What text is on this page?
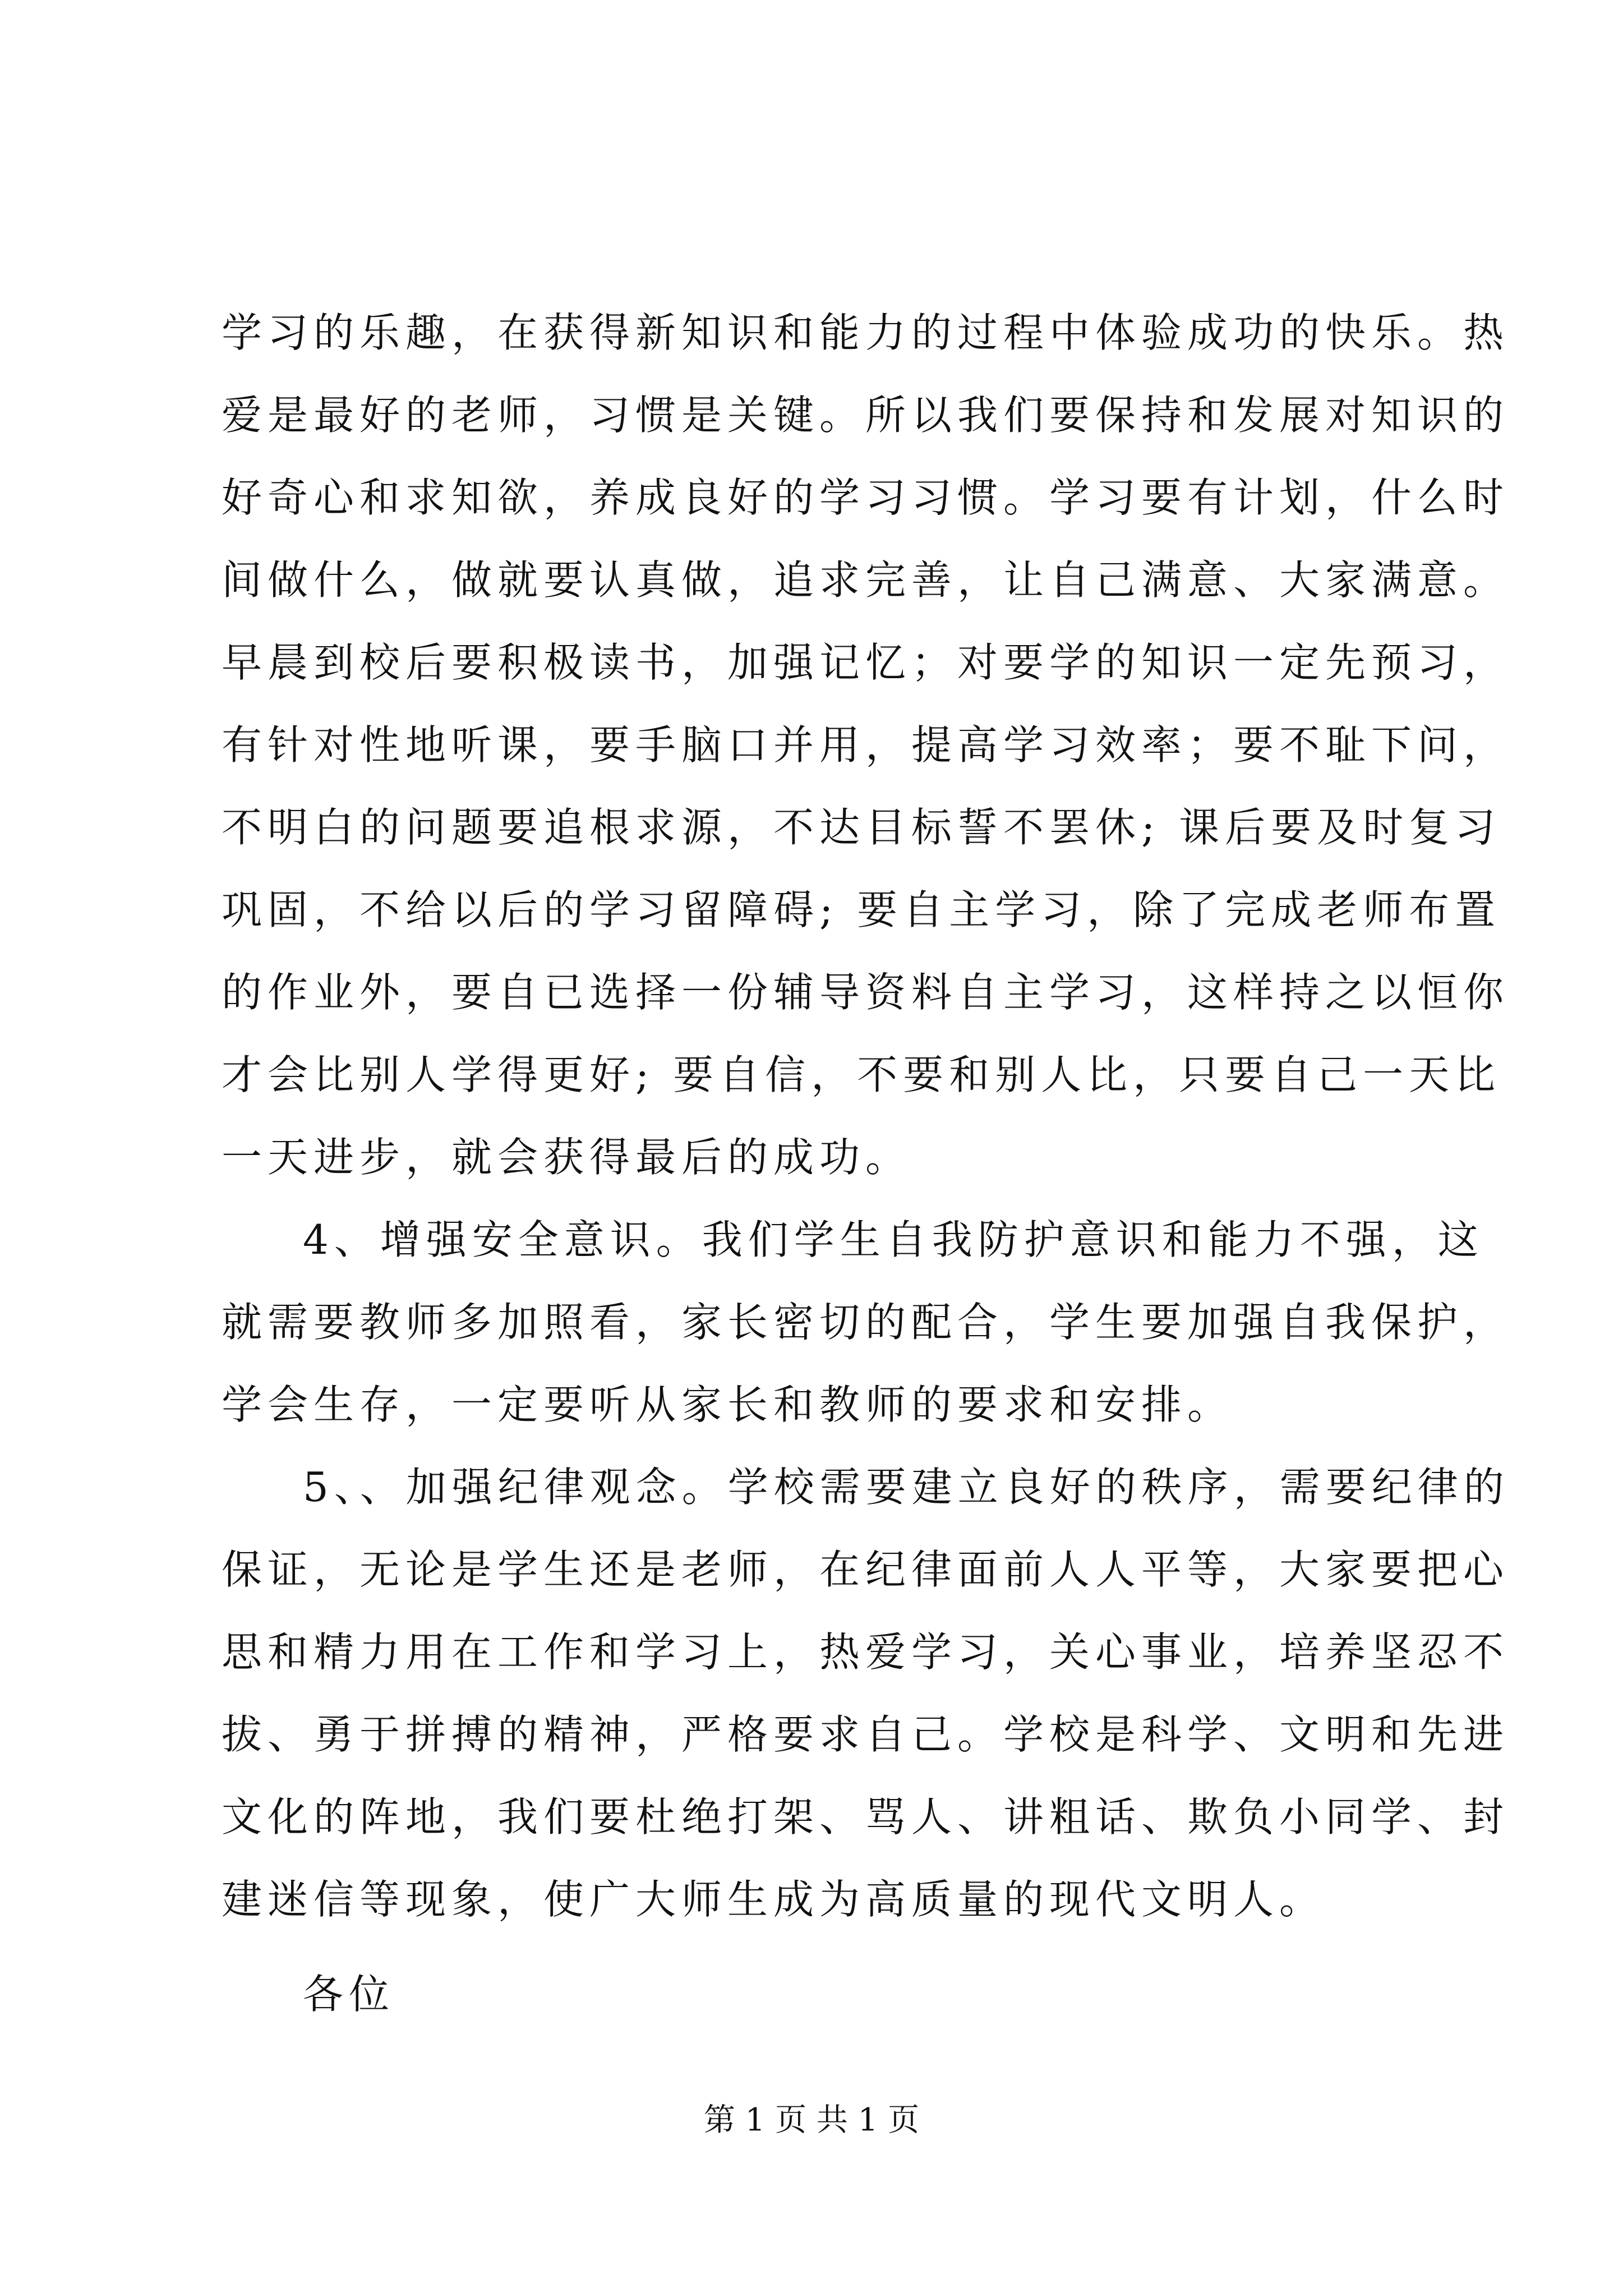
学习的乐趣，在获得新知识和能力的过程中体验成功的快乐。热
爱是最好的老师，习惯是关键。所以我们要保持和发展对知识的
好奇心和求知欲，养成良好的学习习惯。学习要有计划，什么时
间做什么，做就要认真做，追求完善，让自己满意、大家满意。
早晨到校后要积极读书，加强记忆；对要学的知识一定先预习，
有针对性地听课，要手脑口并用，提高学习效率；要不耻下问，
不明白的问题要追根求源，不达目标誓不罢休; 课后要及时复习
巩固，不给以后的学习留障碍; 要自主学习，除了完成老师布置
的作业外，要自已选择一份辅导资料自主学习，这样持之以恒你
才会比别人学得更好; 要自信，不要和别人比，只要自己一天比
一天进步，就会获得最后的成功。
4、增强安全意识。我们学生自我防护意识和能力不强，这
就需要教师多加照看，家长密切的配合，学生要加强自我保护，
学会生存，一定要听从家长和教师的要求和安排。
5、、加强纪律观念。学校需要建立良好的秩序，需要纪律的
保证，无论是学生还是老师，在纪律面前人人平等，大家要把心
思和精力用在工作和学习上，热爱学习，关心事业，培养坚忍不
拔、勇于拼搏的精神，严格要求自己。学校是科学、文明和先进
文化的阵地，我们要杜绝打架、骂人、讲粗话、欺负小同学、封
建迷信等现象，使广大师生成为高质量的现代文明人。
各位
第 1 页 共 1 页
